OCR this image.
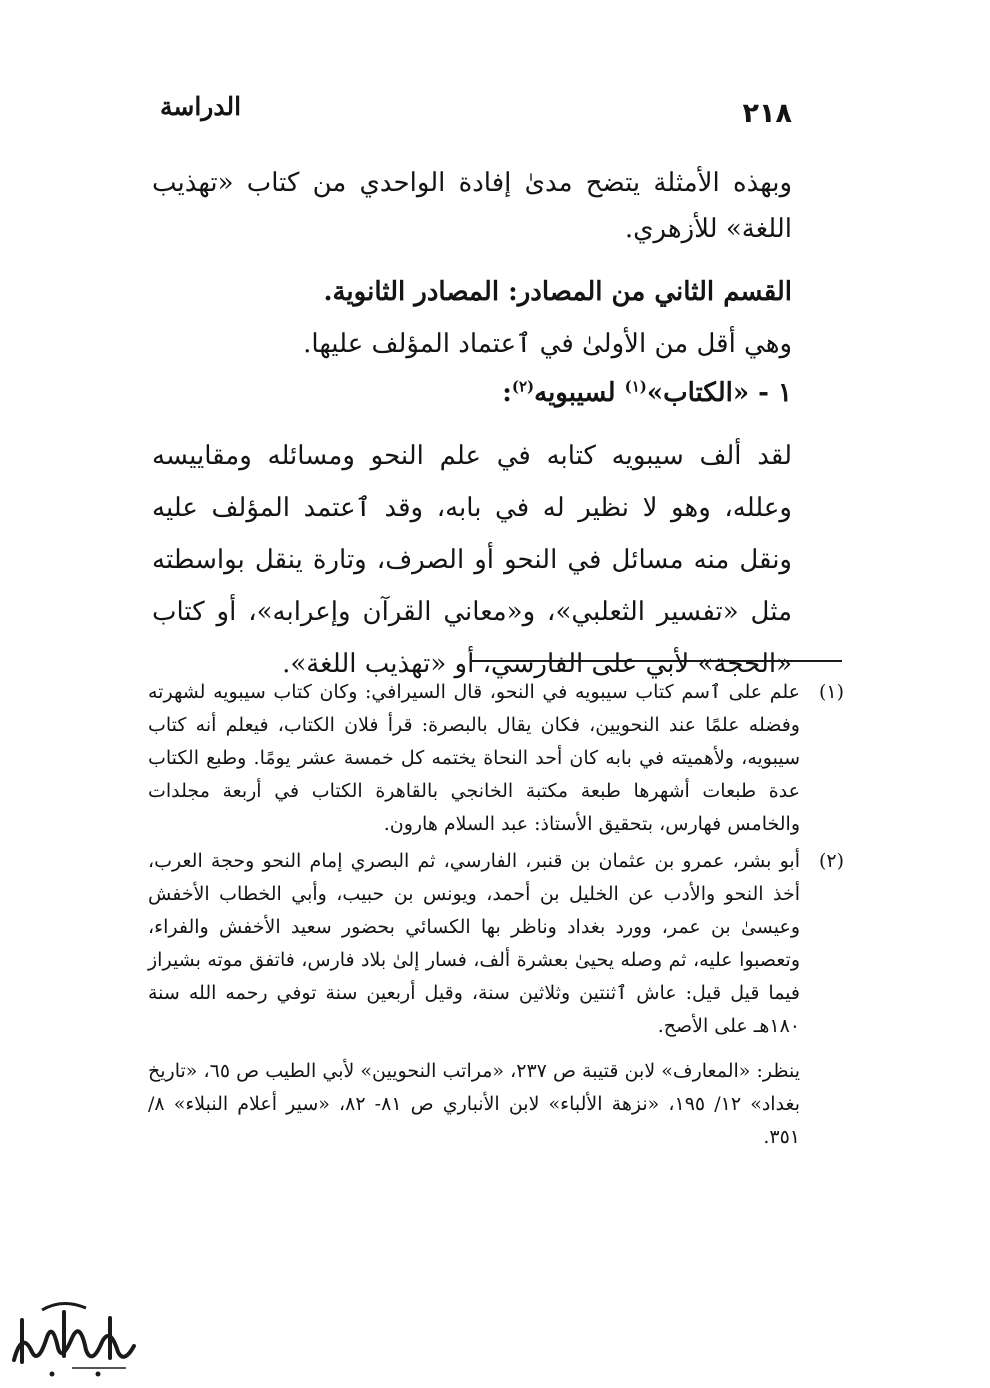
٢١٨
الدراسة

وبهذه الأمثلة يتضح مدىٰ إفادة الواحدي من كتاب «تهذيب اللغة» للأزهري.

القسم الثاني من المصادر: المصادر الثانوية.

وهي أقل من الأولىٰ في ٱعتماد المؤلف عليها.

١ - «الكتاب»$^{(١)}$ لسيبويه$^{(٢)}$:

لقد ألف سيبويه كتابه في علم النحو ومسائله ومقاييسه وعلله، وهو لا نظير له في بابه، وقد ٱعتمد المؤلف عليه ونقل منه مسائل في النحو أو الصرف، وتارة ينقل بواسطته مثل «تفسير الثعلبي»، و«معاني القرآن وإعرابه»، أو كتاب «الحجة» لأبي على الفارسي، أو «تهذيب اللغة».

(١)
علم على ٱسم كتاب سيبويه في النحو، قال السيرافي: وكان كتاب سيبويه لشهرته وفضله علمًا عند النحويين، فكان يقال بالبصرة: قرأ فلان الكتاب، فيعلم أنه كتاب سيبويه، ولأهميته في بابه كان أحد النحاة يختمه كل خمسة عشر يومًا. وطبع الكتاب عدة طبعات أشهرها طبعة مكتبة الخانجي بالقاهرة الكتاب في أربعة مجلدات والخامس فهارس، بتحقيق الأستاذ: عبد السلام هارون.

(٢)
أبو بشر، عمرو بن عثمان بن قنبر، الفارسي، ثم البصري إمام النحو وحجة العرب، أخذ النحو والأدب عن الخليل بن أحمد، ويونس بن حبيب، وأبي الخطاب الأخفش وعيسىٰ بن عمر، وورد بغداد وناظر بها الكسائي بحضور سعيد الأخفش والفراء، وتعصبوا عليه، ثم وصله يحيىٰ بعشرة ألف، فسار إلىٰ بلاد فارس، فاتفق موته بشيراز فيما قيل قيل: عاش ٱثنتين وثلاثين سنة، وقيل أربعين سنة توفي رحمه الله سنة ١٨٠هـ على الأصح.

ينظر: «المعارف» لابن قتيبة ص ٢٣٧، «مراتب النحويين» لأبي الطيب ص ٦٥، «تاريخ بغداد» ١٢/ ١٩٥، «نزهة الألباء» لابن الأنباري ص ٨١- ٨٢، «سير أعلام النبلاء» ٨/ ٣٥١.
